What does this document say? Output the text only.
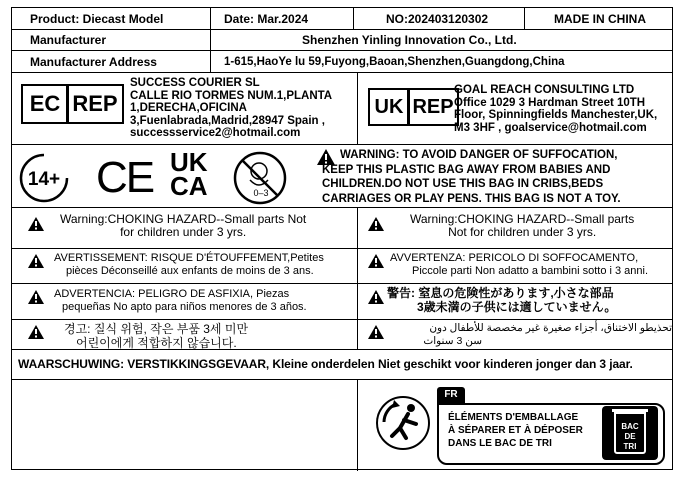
Product: Diecast Model	Date: Mar.2024	NO:202403120302	MADE IN CHINA
Manufacturer	Shenzhen Yinling Innovation Co., Ltd.
Manufacturer Address	1-615,HaoYe lu 59,Fuyong,Baoan,Shenzhen,Guangdong,China
EC REP
SUCCESS COURIER SL
CALLE RIO TORMES NUM.1,PLANTA
1,DERECHA,OFICINA
3,Fuenlabrada,Madrid,28947 Spain ,
successservice2@hotmail.com
UK REP
GOAL REACH CONSULTING LTD
Office 1029 3 Hardman Street 10TH
Floor, Spinningfields Manchester,UK,
M3 3HF , goalservice@hotmail.com
14+ CE UK
CA	0–3
WARNING: TO AVOID DANGER OF SUFFOCATION,
KEEP THIS PLASTIC BAG AWAY FROM BABIES AND
CHILDREN.DO NOT USE THIS BAG IN CRIBS,BEDS
CARRIAGES OR PLAY PENS. THIS BAG IS NOT A TOY.
Warning:CHOKING HAZARD--Small parts Not
for children under 3 yrs.
Warning:CHOKING HAZARD--Small parts
Not for children under 3 yrs.
AVERTISSEMENT: RISQUE D'ÉTOUFFEMENT,Petites
pièces Déconseillé aux enfants de moins de 3 ans.
AVVERTENZA: PERICOLO DI SOFFOCAMENTO,
Piccole parti Non adatto a bambini sotto i 3 anni.
ADVERTENCIA: PELIGRO DE ASFIXIA, Piezas
pequeñas No apto para niños menores de 3 años.
警告: 窒息の危険性があります,小さな部品
3歳未満の子供には適していません。
경고: 질식 위험, 작은 부품 3세 미만
어린이에게 적합하지 않습니다.
تحذيطو الاختناق، أجزاء صغيرة غير مخصصة للأطفال دون
سن 3 سنوات
WAARSCHUWING: VERSTIKKINGSGEVAAR, Kleine onderdelen Niet geschikt voor kinderen jonger dan 3 jaar.
FR
ÉLÉMENTS D'EMBALLAGE
À SÉPARER ET À DÉPOSER
DANS LE BAC DE TRI
BAC
DE
TRI
